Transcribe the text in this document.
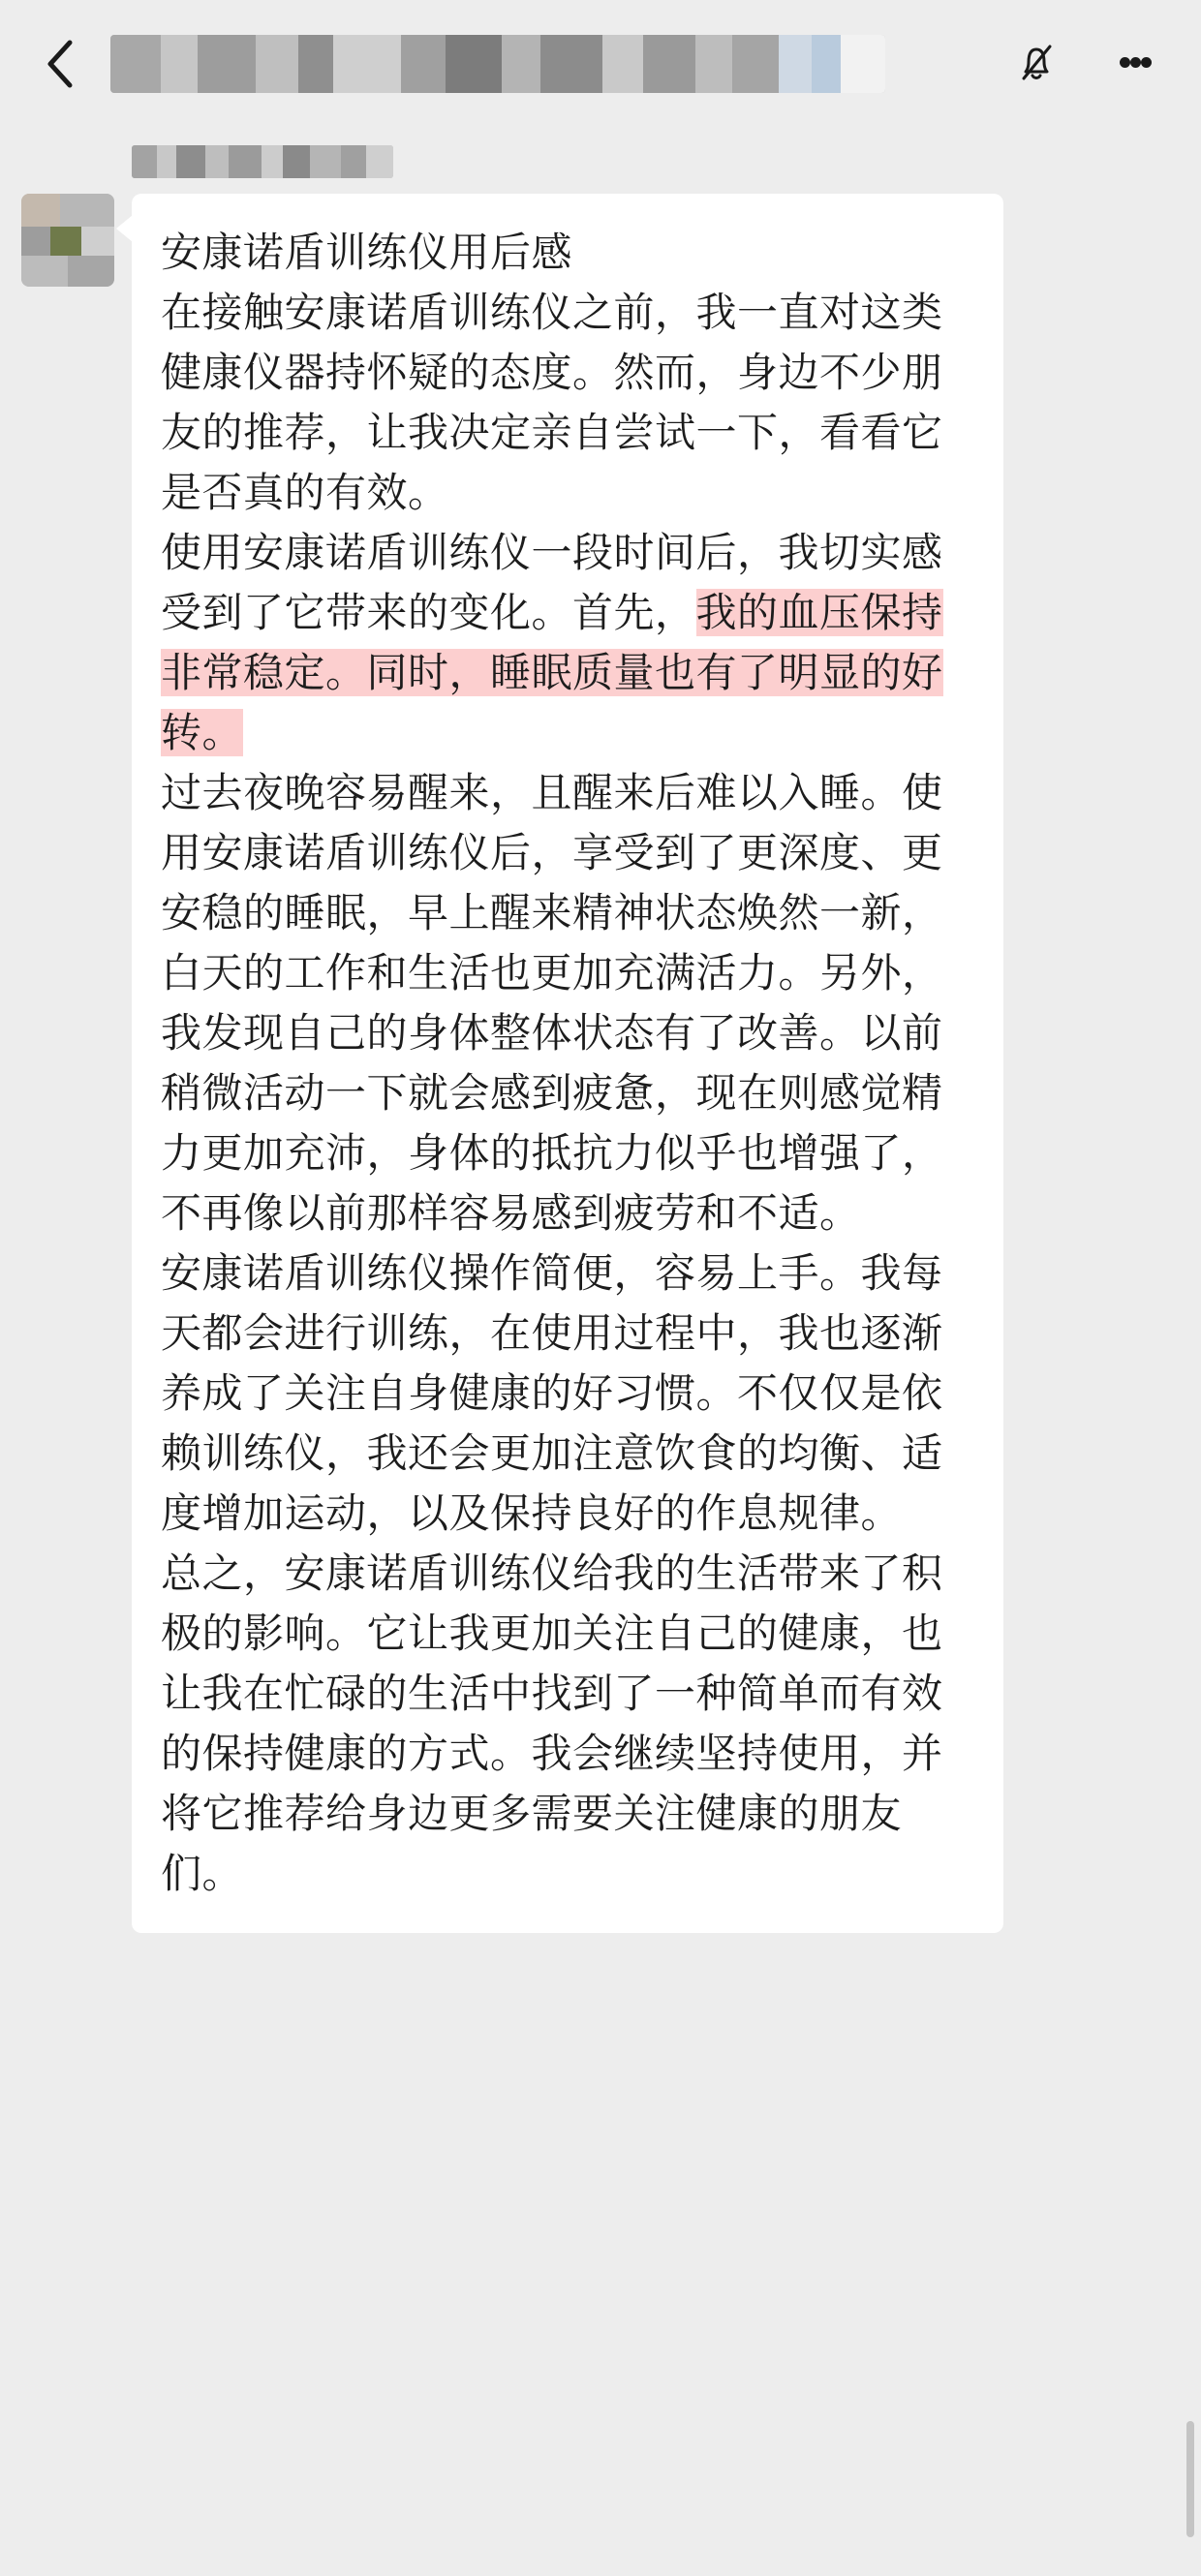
安康诺盾训练仪用后感

在接触安康诺盾训练仪之前，我一直对这类健康仪器持怀疑的态度。然而，身边不少朋友的推荐，让我决定亲自尝试一下，看看它是否真的有效。

使用安康诺盾训练仪一段时间后，我切实感受到了它带来的变化。首先，我的血压保持非常稳定。同时，睡眠质量也有了明显的好转。

过去夜晚容易醒来，且醒来后难以入睡。使用安康诺盾训练仪后，享受到了更深度、更安稳的睡眠，早上醒来精神状态焕然一新，白天的工作和生活也更加充满活力。另外，我发现自己的身体整体状态有了改善。以前稍微活动一下就会感到疲惫，现在则感觉精力更加充沛，身体的抵抗力似乎也增强了，不再像以前那样容易感到疲劳和不适。

安康诺盾训练仪操作简便，容易上手。我每天都会进行训练，在使用过程中，我也逐渐养成了关注自身健康的好习惯。不仅仅是依赖训练仪，我还会更加注意饮食的均衡、适度增加运动，以及保持良好的作息规律。

总之，安康诺盾训练仪给我的生活带来了积极的影响。它让我更加关注自己的健康，也让我在忙碌的生活中找到了一种简单而有效的保持健康的方式。我会继续坚持使用，并将它推荐给身边更多需要关注健康的朋友们。
